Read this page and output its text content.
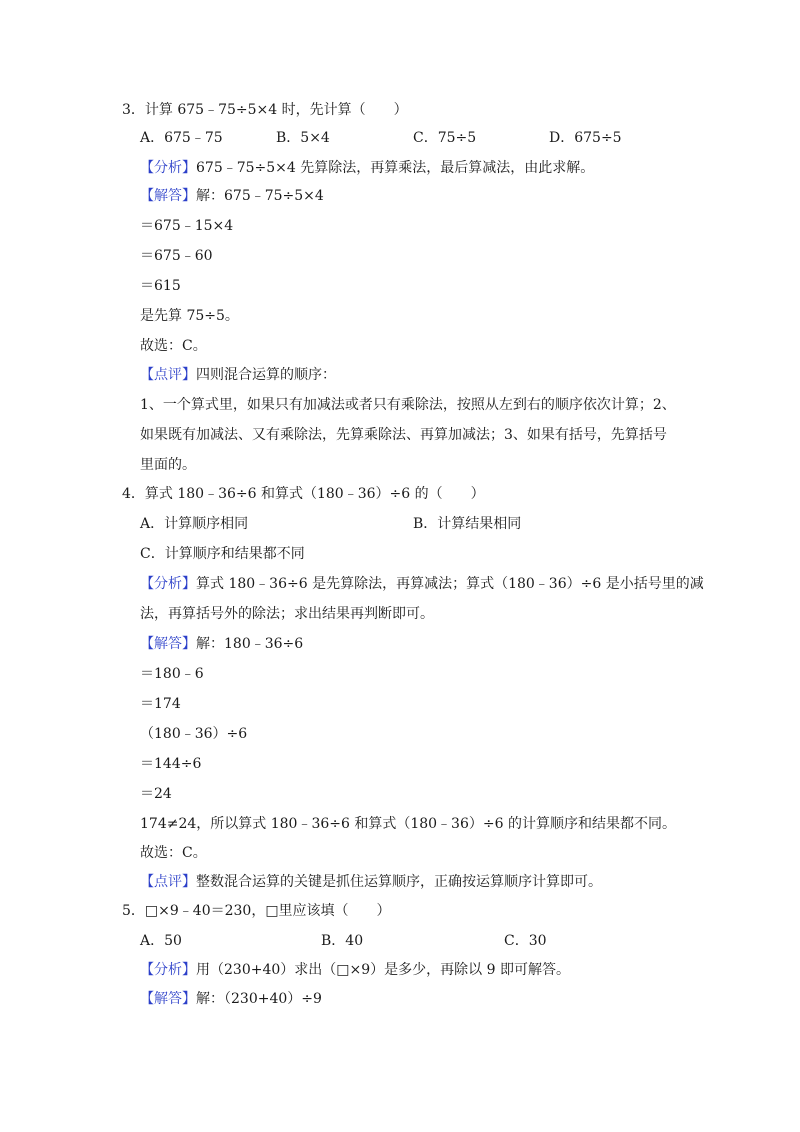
3．计算 675﹣75÷5×4 时，先计算（　　）
A．675﹣75	B．5×4	C．75÷5	D．675÷5
【分析】675﹣75÷5×4 先算除法，再算乘法，最后算减法，由此求解。
【解答】解：675﹣75÷5×4
＝675﹣15×4
＝675﹣60
＝615
是先算 75÷5。
故选：C。
【点评】四则混合运算的顺序：
1、一个算式里，如果只有加减法或者只有乘除法，按照从左到右的顺序依次计算；2、
如果既有加减法、又有乘除法，先算乘除法、再算加减法；3、如果有括号，先算括号
里面的。
4．算式 180﹣36÷6 和算式（180﹣36）÷6 的（　　）
A．计算顺序相同	B．计算结果相同
C．计算顺序和结果都不同
【分析】算式 180﹣36÷6 是先算除法，再算减法；算式（180﹣36）÷6 是小括号里的减
法，再算括号外的除法；求出结果再判断即可。
【解答】解：180﹣36÷6
＝180﹣6
＝174
（180﹣36）÷6
＝144÷6
＝24
174≠24，所以算式 180﹣36÷6 和算式（180﹣36）÷6 的计算顺序和结果都不同。
故选：C。
【点评】整数混合运算的关键是抓住运算顺序，正确按运算顺序计算即可。
5．□×9﹣40＝230，□里应该填（　　）
A．50	B．40	C．30
【分析】用（230+40）求出（□×9）是多少，再除以 9 即可解答。
【解答】解：（230+40）÷9
